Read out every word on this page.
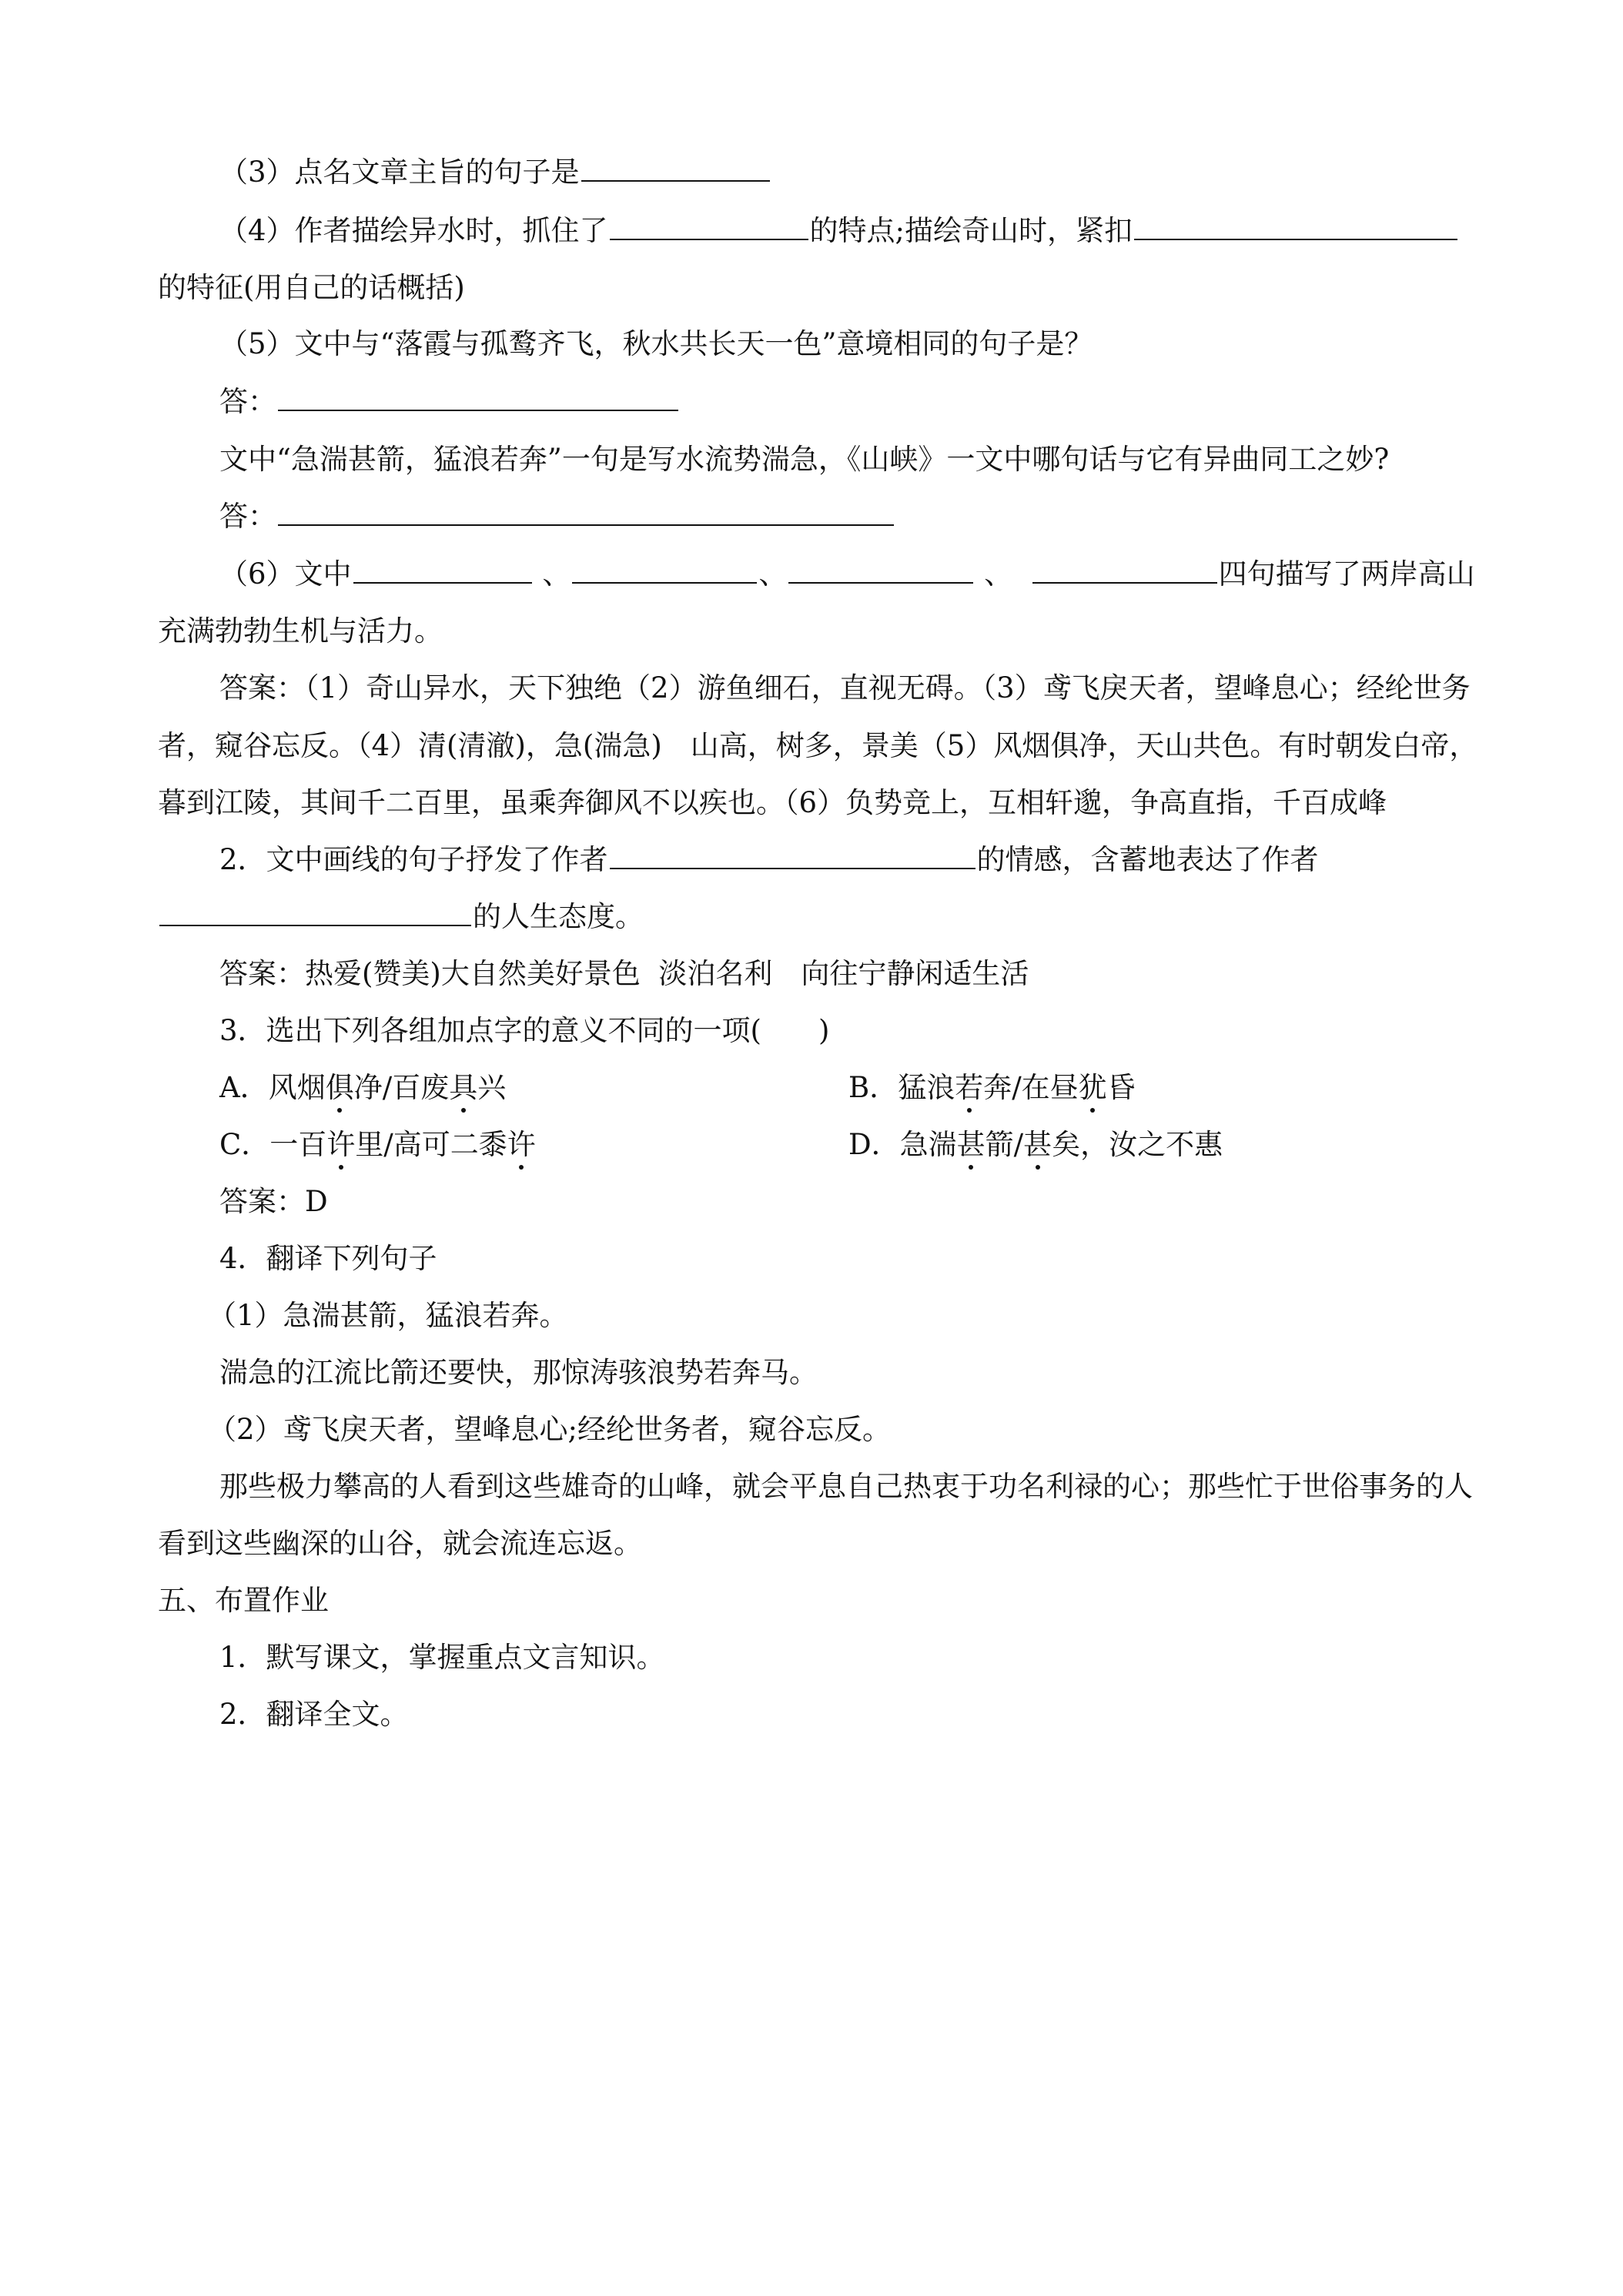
（3）点名文章主旨的句子是
（4）作者描绘异水时，抓住了	的特点;描绘奇山时，紧扣
的特征(用自己的话概括)
（5）文中与“落霞与孤鹜齐飞，秋水共长天一色”意境相同的句子是？
答：
文中“急湍甚箭，猛浪若奔”一句是写水流势湍急，《山峡》一文中哪句话与它有异曲同工之妙?
答：
（6）文中	、	、	、	四句描写了两岸高山
充满勃勃生机与活力。
答案：（1）奇山异水，天下独绝（2）游鱼细石，直视无碍。（3）鸢飞戾天者，望峰息心；经纶世务
者，窥谷忘反。（4）清(清澈)，急(湍急)　山高，树多，景美（5）风烟俱净，天山共色。有时朝发白帝，
暮到江陵，其间千二百里，虽乘奔御风不以疾也。（6）负势竞上，互相轩邈，争高直指，千百成峰
2．文中画线的句子抒发了作者	的情感，含蓄地表达了作者
的人生态度。
答案：热爱(赞美)大自然美好景色  淡泊名利　向往宁静闲适生活
3．选出下列各组加点字的意义不同的一项(　　)
A．风烟俱净/百废具兴	B．猛浪若奔/在昼犹昏
C．一百许里/高可二黍许	D．急湍甚箭/甚矣，汝之不惠
答案：D
4．翻译下列句子
（1）急湍甚箭，猛浪若奔。
湍急的江流比箭还要快，那惊涛骇浪势若奔马。
（2）鸢飞戾天者，望峰息心;经纶世务者，窥谷忘反。
那些极力攀高的人看到这些雄奇的山峰，就会平息自己热衷于功名利禄的心；那些忙于世俗事务的人
看到这些幽深的山谷，就会流连忘返。
五、布置作业
1．默写课文，掌握重点文言知识。
2．翻译全文。
